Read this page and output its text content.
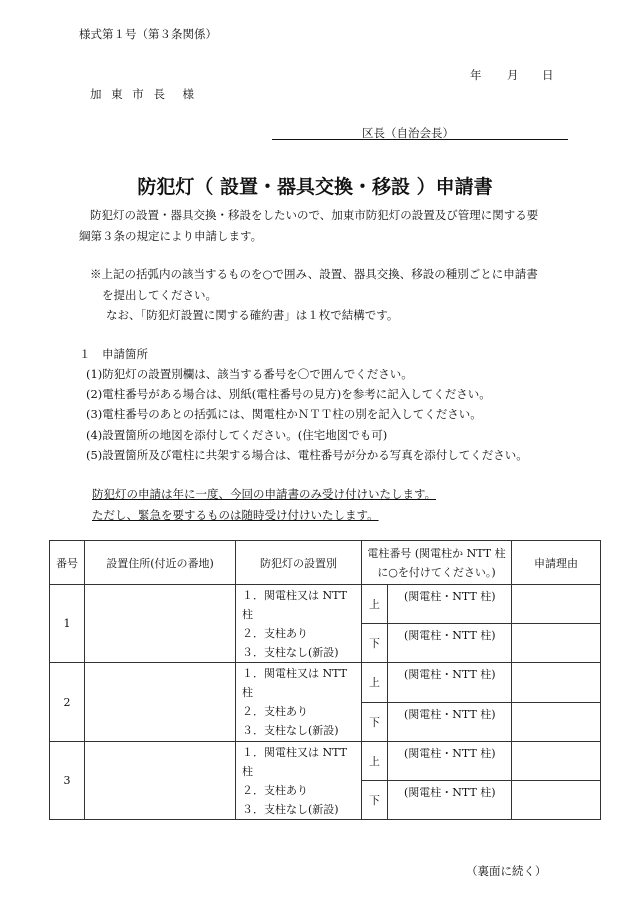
様式第１号（第３条関係）
年 月 日
加 東 市 長　様
区長（自治会長）
防犯灯（ 設置・器具交換・移設 ）申請書
防犯灯の設置・器具交換・移設をしたいので、加東市防犯灯の設置及び管理に関する要
綱第３条の規定により申請します。
※上記の括弧内の該当するものを○で囲み、設置、器具交換、移設の種別ごとに申請書
を提出してください。
なお、｢防犯灯設置に関する確約書」は１枚で結構です。
１　申請箇所
(1)防犯灯の設置別欄は、該当する番号を〇で囲んでください。
(2)電柱番号がある場合は、別紙(電柱番号の見方)を参考に記入してください。
(3)電柱番号のあとの括弧には、関電柱かＮＴＴ柱の別を記入してください。
(4)設置箇所の地図を添付してください。(住宅地図でも可)
(5)設置箇所及び電柱に共架する場合は、電柱番号が分かる写真を添付してください。
防犯灯の申請は年に一度、今回の申請書のみ受け付けいたします。
ただし、緊急を要するものは随時受け付けいたします。
番号	設置住所(付近の番地)	防犯灯の設置別	電柱番号 (関電柱か NTT 柱
に○を付けてください。)		申請理由
1		１．関電柱又は NTT 柱
２．支柱あり
３．支柱なし(新設)	上	(関電柱・NTT 柱)	
			下	(関電柱・NTT 柱)	
2		１．関電柱又は NTT 柱
２．支柱あり
３．支柱なし(新設)	上	(関電柱・NTT 柱)	
			下	(関電柱・NTT 柱)	
3		１．関電柱又は NTT 柱
２．支柱あり
３．支柱なし(新設)	上	(関電柱・NTT 柱)	
			下	(関電柱・NTT 柱)	
（裏面に続く）
